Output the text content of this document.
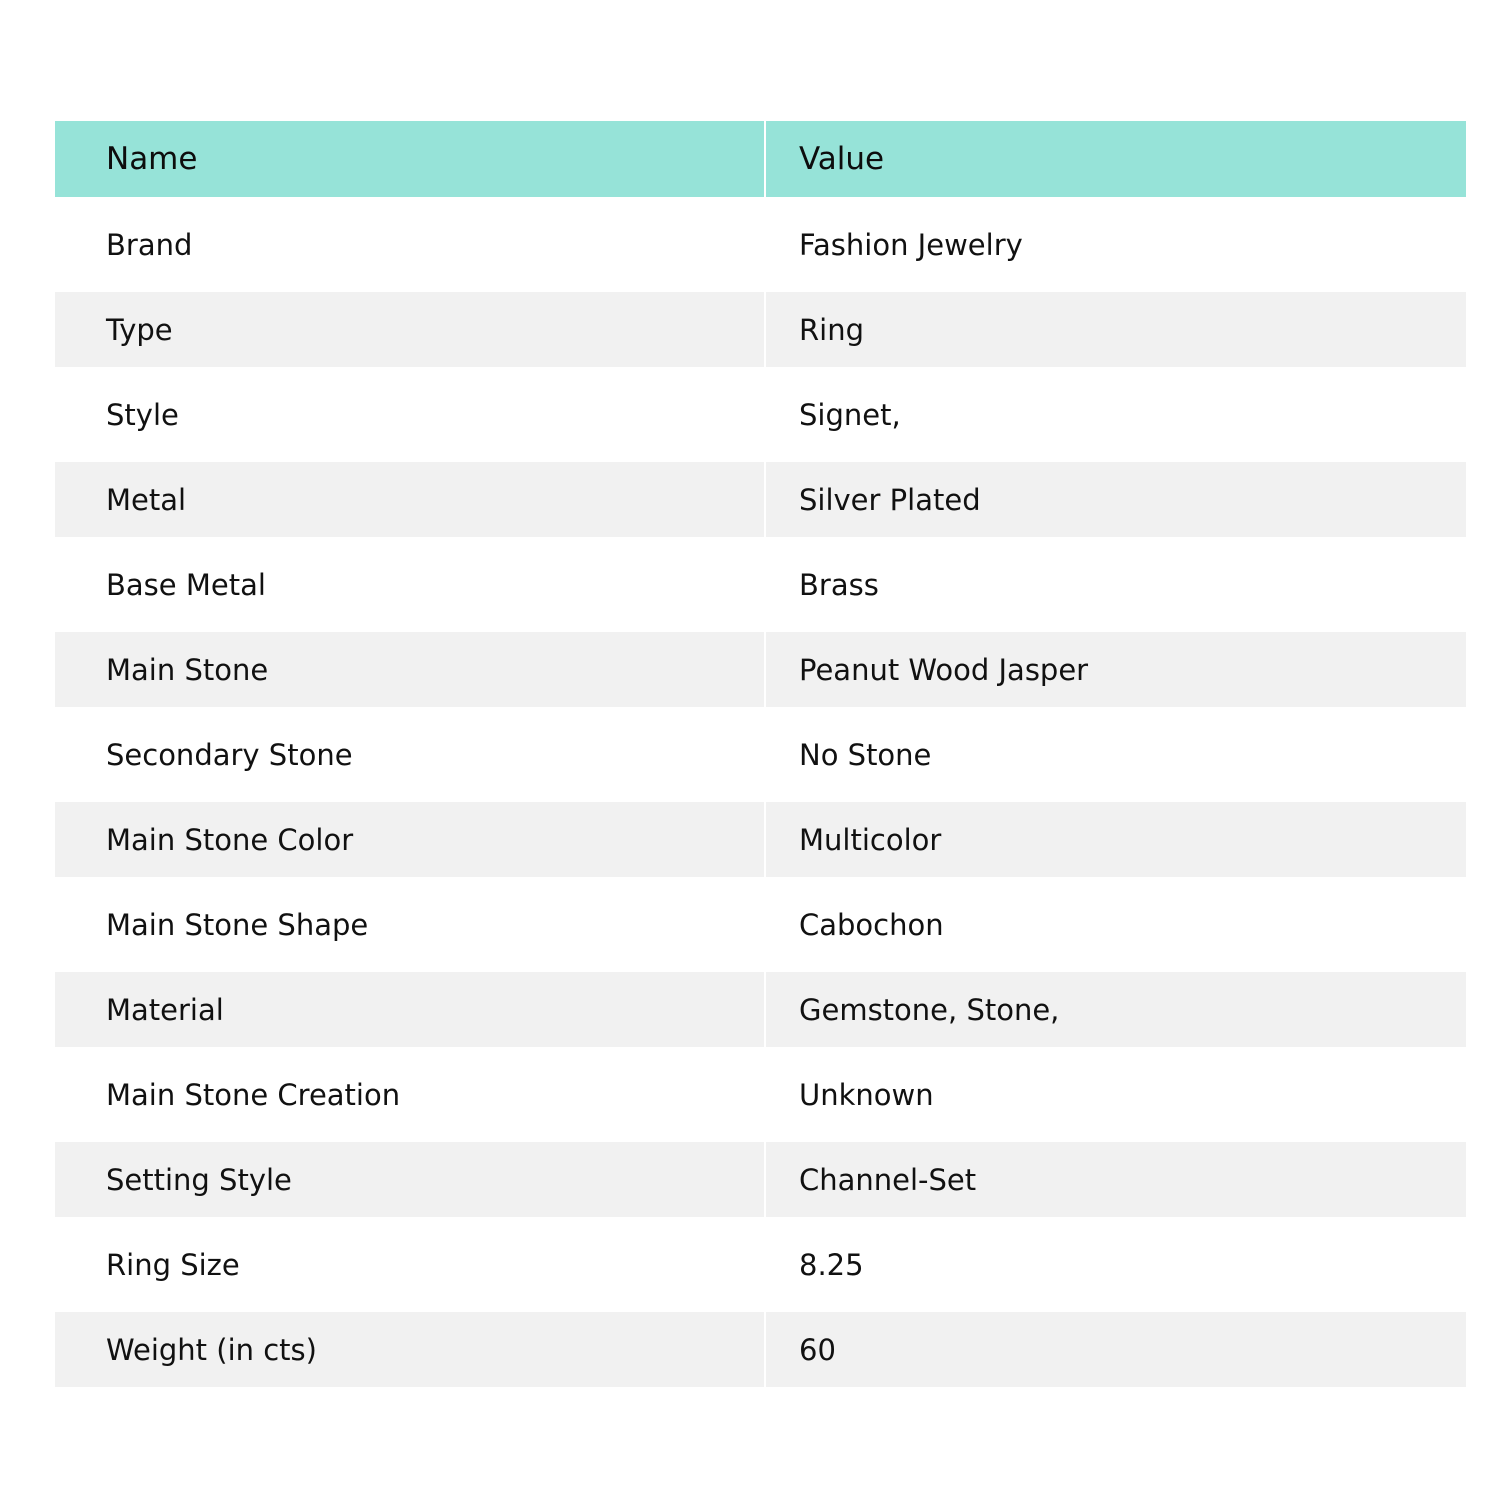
Name	Value
Brand	Fashion Jewelry
Type	Ring
Style	Signet,
Metal	Silver Plated
Base Metal	Brass
Main Stone	Peanut Wood Jasper
Secondary Stone	No Stone
Main Stone Color	Multicolor
Main Stone Shape	Cabochon
Material	Gemstone, Stone,
Main Stone Creation	Unknown
Setting Style	Channel-Set
Ring Size	8.25
Weight (in cts)	60
